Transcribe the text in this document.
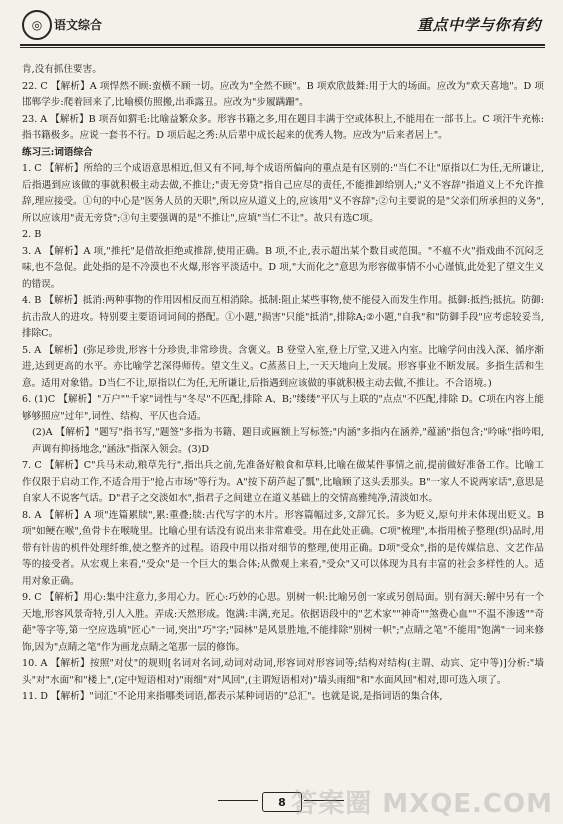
◎ 语文综合	重点中学与你有约

肯,没有抓住要害。

22. C 【解析】A 项悍然不顾:蛮横不顾一切。应改为"全然不顾"。B 项欢欣鼓舞:用于大的场面。应改为"欢天喜地"。D 项邯郸学步:爬着回来了,比喻模仿照搬,出乖露丑。应改为"步履蹒跚"。

23. A 【解析】B 项吾如猬毛:比喻益繁众多。形容书籍之多,用在题目丰满于空或体积上,不能用在一部书上。C 项汗牛充栋:指书籍极多。应说一套书不行。D 项后起之秀:从后辈中成长起来的优秀人物。应改为"后来者居上"。

练习三:词语综合

1. C 【解析】所给的三个成语意思相近,但又有不同,每个成语所偏向的重点是有区别的:"当仁不让"原指以仁为任,无所谦让,后指遇到应该做的事就积极主动去做,不推让;"责无旁贷"指自己应尽的责任,不能推卸给别人;"义不容辞"指道义上不允许推辞,理应接受。①句的中心是"医务人员的天职",所以应从道义上的,应该用"义不容辞";②句主要说的是"父亲们所承担的义务",所以应该用"责无旁贷";③句主要强调的是"不推让",应填"当仁不让"。故只有选C项。

2. B

3. A 【解析】A 项,"推托"是借故拒绝或推辞,使用正确。B 项,不止,表示超出某个数目或范围。"不瘟不火"指戏曲不沉闷乏味,也不急促。此处指的是不冷漠也不火爆,形容平淡适中。D 项,"大而化之"意思为形容做事情不小心谨慎,此处犯了望文生义的错误。

4. B 【解析】抵消:两种事物的作用因相反而互相消除。抵制:阻止某些事物,使不能侵入而发生作用。抵御:抵挡;抵抗。防御:抗击敌人的进攻。特别要主要语词词间的搭配。①小题,"损害"只能"抵消",排除A;②小题,"自我"和"防御手段"应考虑较妥当,排除C。

5. A 【解析】(弥足珍贵,形容十分珍贵,非常珍贵。含褒义。B 登堂入室,登上厅堂,又进入内室。比喻学问由浅入深、循序渐进,达到更高的水平。亦比喻学艺深得师传。望文生义。C蒸蒸日上,一天天地向上发展。形容事业不断发展。多指生活和生意。适用对象错。D当仁不让,原指以仁为任,无所谦让,后指遇到应该做的事就积极主动去做,不推让。不合语境。)

6. (1)C 【解析】"万户""千家"词性与"冬尽"不匹配,排除 A、B;"缕缕"平仄与上联的"点点"不匹配,排除 D。C项在内容上能够够照应"过年",词性、结构、平仄也合适。

(2)A 【解析】"题写"指书写,"题签"多指为书籍、题目或匾额上写标签;"内涵"多指内在涵养,"蕴涵"指包含;"吟咏"指吟唱,声调有抑扬地念,"涵泳"指深入领会。(3)D

7. C 【解析】C"兵马未动,粮草先行",指出兵之前,先准备好粮食和草料,比喻在做某件事情之前,提前做好准备工作。比喻工作仅限于启动工作,不适合用于"抢占市场"等行为。A"按下葫芦起了瓢",比喻顾了这头丢那头。B"一家人不说两家话",意思是自家人不说客气话。D"君子之交淡如水",指君子之间建立在道义基础上的交情高雅纯净,清淡如水。

8. A 【解析】A 项"连篇累牍",累:重叠;牍:古代写字的木片。形容篇幅过多,文辞冗长。多为贬义,原句并未体现出贬义。B 项"如鲠在喉",鱼骨卡在喉咙里。比喻心里有话没有说出来非常难受。用在此处正确。C项"梳理",本指用梳子整理(织)品时,用带有针齿的机件处理纤维,使之整齐的过程。语段中用以指对细节的整理,使用正确。D项"受众",指的是传媒信息、文艺作品等的接受者。从宏观上来看,"受众"是一个巨大的集合体;从微观上来看,"受众"又可以体现为具有丰富的社会多样性的人。适用对象正确。

9. C 【解析】用心:集中注意力,多用心力。匠心:巧妙的心思。别树一帜:比喻另创一家或另创局面。别有洞天:解中另有一个天地,形容风景奇特,引人入胜。弄成:天然形成。饱满:丰满,充足。依据语段中的"艺术家""神奇""煞费心血""不温不渗透""奇葩"等字等,第一空应选填"匠心"一词,突出"巧"字;"园林"是风景胜地,不能排除"别树一帜";"点睛之笔"不能用"饱满"一词来修饰,因为"点睛之笔"作为画龙点睛之笔那一层的修饰。

10. A 【解析】按照"对仗"的规则[名词对名词,动词对动词,形容词对形容词等;结构对结构(主谓、动宾、定中等)]分析:"墙头"对"水面"和"楼上",(定中短语相对)"雨细"对"风回",(主谓短语相对)"墙头雨细"和"水面风回"相对,即可选入项了。

11. D 【解析】"词汇"不论用来指哪类词语,都表示某种词语的"总汇"。也就是说,是指词语的集合体,

8 答案圈 MXQE.COM
